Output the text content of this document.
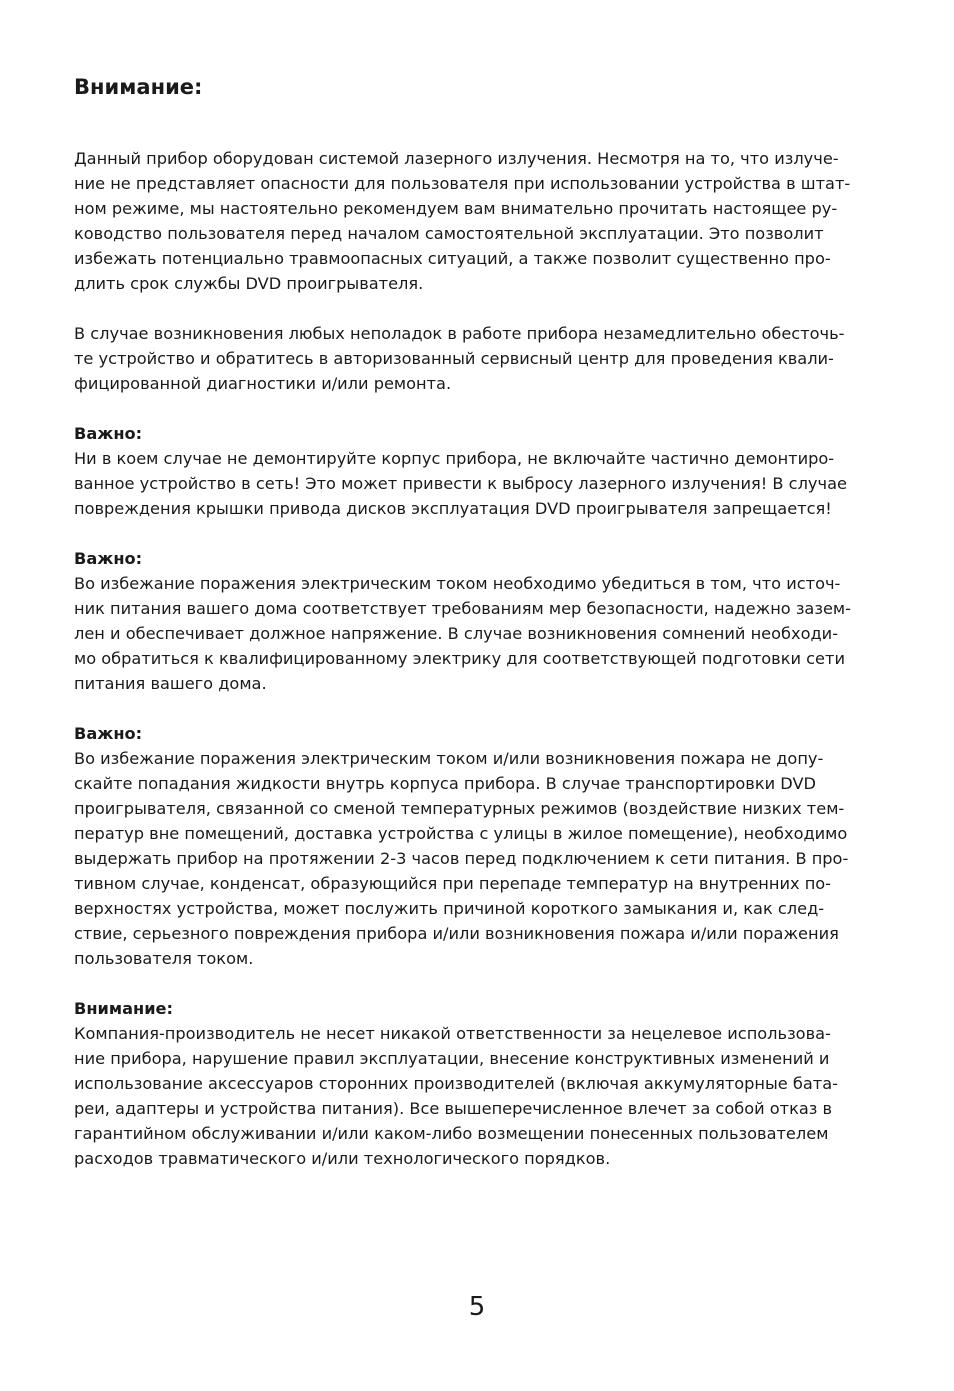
Внимание:

Данный прибор оборудован системой лазерного излучения. Несмотря на то, что излуче-
ние не представляет опасности для пользователя при использовании устройства в штат-
ном режиме, мы настоятельно рекомендуем вам внимательно прочитать настоящее ру-
ководство пользователя перед началом самостоятельной эксплуатации. Это позволит
избежать потенциально травмоопасных ситуаций, а также позволит существенно про-
длить срок службы DVD проигрывателя.

В случае возникновения любых неполадок в работе прибора незамедлительно обесточь-
те устройство и обратитесь в авторизованный сервисный центр для проведения квали-
фицированной диагностики и/или ремонта.

Важно:

Ни в коем случае не демонтируйте корпус прибора, не включайте частично демонтиро-
ванное устройство в сеть! Это может привести к выбросу лазерного излучения! В случае
повреждения крышки привода дисков эксплуатация DVD проигрывателя запрещается!

Важно:

Во избежание поражения электрическим током необходимо убедиться в том, что источ-
ник питания вашего дома соответствует требованиям мер безопасности, надежно зазем-
лен и обеспечивает должное напряжение. В случае возникновения сомнений необходи-
мо обратиться к квалифицированному электрику для соответствующей подготовки сети
питания вашего дома.

Важно:

Во избежание поражения электрическим током и/или возникновения пожара не допу-
скайте попадания жидкости внутрь корпуса прибора. В случае транспортировки DVD
проигрывателя, связанной со сменой температурных режимов (воздействие низких тем-
ператур вне помещений, доставка устройства с улицы в жилое помещение), необходимо
выдержать прибор на протяжении 2-3 часов перед подключением к сети питания. В про-
тивном случае, конденсат, образующийся при перепаде температур на внутренних по-
верхностях устройства, может послужить причиной короткого замыкания и, как след-
ствие, серьезного повреждения прибора и/или возникновения пожара и/или поражения
пользователя током.

Внимание:

Компания-производитель не несет никакой ответственности за нецелевое использова-
ние прибора, нарушение правил эксплуатации, внесение конструктивных изменений и
использование аксессуаров сторонних производителей (включая аккумуляторные бата-
реи, адаптеры и устройства питания). Все вышеперечисленное влечет за собой отказ в
гарантийном обслуживании и/или каком-либо возмещении понесенных пользователем
расходов травматического и/или технологического порядков.

5
